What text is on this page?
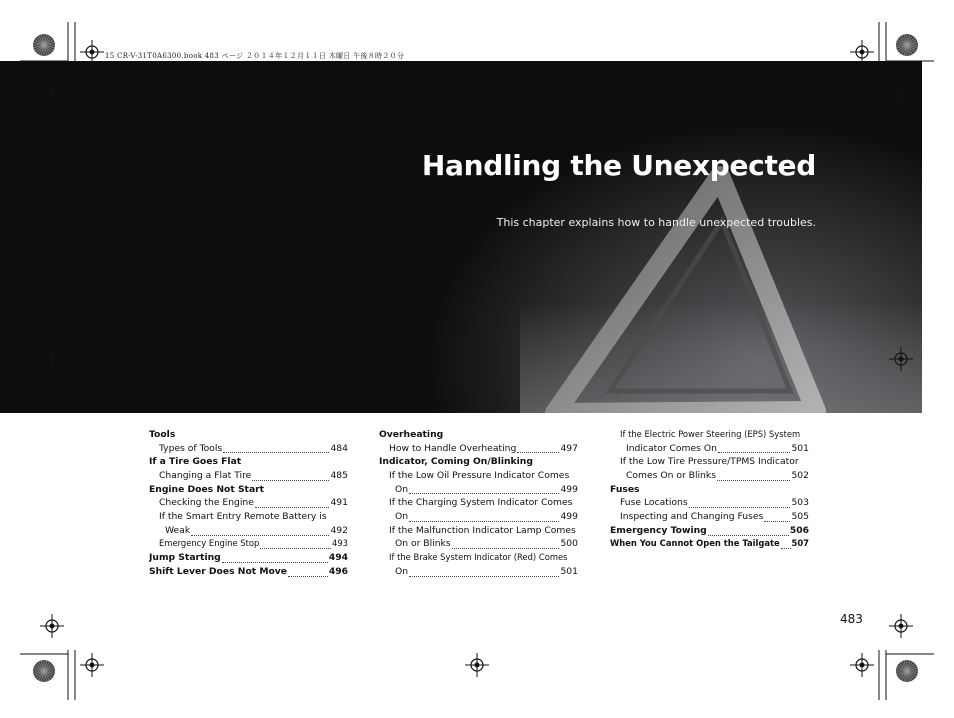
15 CR-V-31T0A6300.book 483 ページ ２０１４年１２月１１日 木曜日 午後８時２０分
Handling the Unexpected
This chapter explains how to handle unexpected troubles.
Tools
Types of Tools	484
If a Tire Goes Flat
Changing a Flat Tire	485
Engine Does Not Start
Checking the Engine	491
If the Smart Entry Remote Battery is
Weak	492
Emergency Engine Stop	493
Jump Starting	494
Shift Lever Does Not Move	496
Overheating
How to Handle Overheating	497
Indicator, Coming On/Blinking
If the Low Oil Pressure Indicator Comes
On	499
If the Charging System Indicator Comes
On	499
If the Malfunction Indicator Lamp Comes
On or Blinks	500
If the Brake System Indicator (Red) Comes
On	501
If the Electric Power Steering (EPS) System
Indicator Comes On	501
If the Low Tire Pressure/TPMS Indicator
Comes On or Blinks	502
Fuses
Fuse Locations	503
Inspecting and Changing Fuses	505
Emergency Towing	506
When You Cannot Open the Tailgate 507
483
